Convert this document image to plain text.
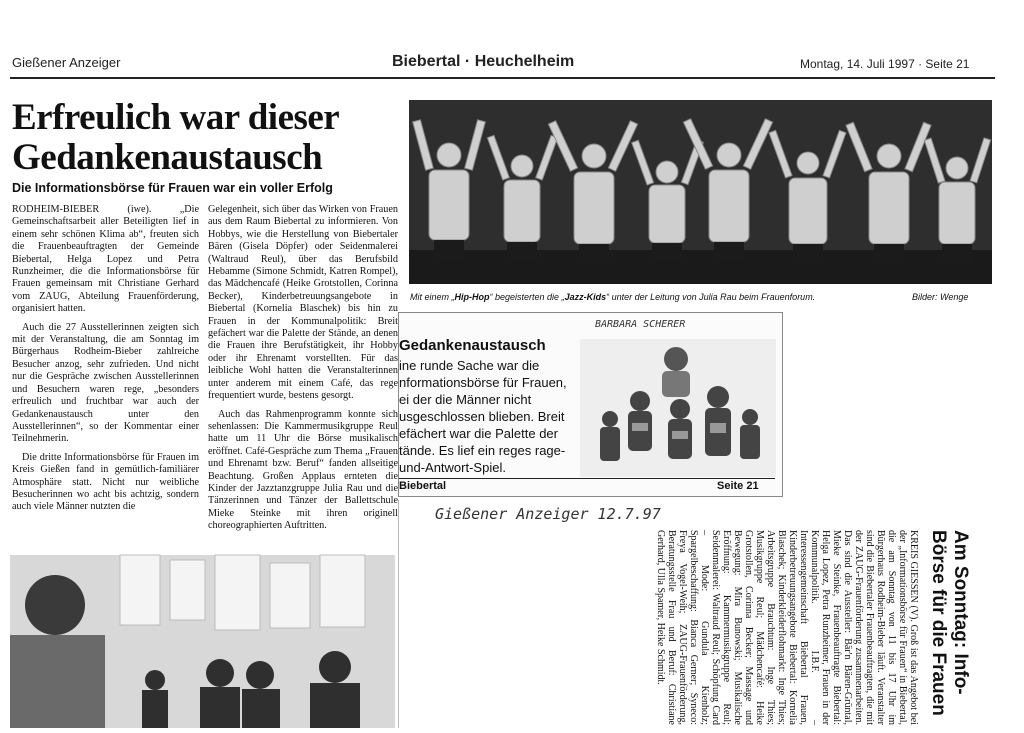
Gießener Anzeiger	Biebertal · Heuchelheim	Montag, 14. Juli 1997 · Seite 21
Erfreulich war dieser
Gedankenaustausch
Die Informationsbörse für Frauen war ein voller Erfolg

RODHEIM-BIEBER (iwe). „Die Gemeinschaftsarbeit aller Beteiligten lief in einem sehr schönen Klima ab“, freuten sich die Frauenbeauftragten der Gemeinde Biebertal, Helga Lopez und Petra Runzheimer, die die Informationsbörse für Frauen gemeinsam mit Christiane Gerhard vom ZAUG, Abteilung Frauenförderung, organisiert hatten.

Auch die 27 Ausstellerinnen zeigten sich mit der Veranstaltung, die am Sonntag im Bürgerhaus Rodheim-Bieber zahlreiche Besucher anzog, sehr zufrieden. Und nicht nur die Gespräche zwischen Ausstellerinnen und Besuchern waren rege, „besonders erfreulich und fruchtbar war auch der Gedankenaustausch unter den Ausstellerinnen“, so der Kommentar einer Teilnehmerin.

Die dritte Informationsbörse für Frauen im Kreis Gießen fand in gemütlich-familiärer Atmosphäre statt. Nicht nur weibliche Besucherinnen wo acht bis achtzig, sondern auch viele Männer nutzten die

Gelegenheit, sich über das Wirken von Frauen aus dem Raum Biebertal zu informieren. Von Hobbys, wie die Herstellung von Biebertaler Bären (Gisela Döpfer) oder Seidenmalerei (Waltraud Reul), über das Berufsbild Hebamme (Simone Schmidt, Katren Rompel), das Mädchencafé (Heike Grotstollen, Corinna Becker), Kinderbetreuungsangebote in Biebertal (Kornelia Blaschek) bis hin zu Frauen in der Kommunalpolitik: Breit gefächert war die Palette der Stände, an denen die Frauen ihre Berufstätigkeit, ihr Hobby oder ihr Ehrenamt vorstellten. Für das leibliche Wohl hatten die Veranstalterinnen unter anderem mit einem Café, das rege frequentiert wurde, bestens gesorgt.

Auch das Rahmenprogramm konnte sich sehenlassen: Die Kammermusikgruppe Reul hatte um 11 Uhr die Börse musikalisch eröffnet. Café-Gespräche zum Thema „Frauen und Ehrenamt bzw. Beruf“ fanden allseitige Beachtung. Großen Applaus ernteten die Kinder der Jazztanzgruppe Julia Rau und die Tänzerinnen und Tänzer der Ballettschule Mieke Steinke mit ihren originell choreographierten Auftritten.

Mit einem „Hip-Hop“ begeisterten die „Jazz-Kids“ unter der Leitung von Julia Rau beim Frauenforum.	Bilder: Wenge
BARBARA SCHERER
Gedankenaustausch
ine runde Sache war die nformationsbörse für Frauen, ei der die Männer nicht usgeschlossen blieben. Breit efächert war die Palette der tände. Es lief ein reges rage-und-Antwort-Spiel.
Biebertal	Seite 21
Gießener Anzeiger 12.7.97
KREIS GIESSEN (V). Groß ist das Angebot bei der „Informationsbörse für Frauen“ in Biebertal, die am Sonntag von 11 bis 17 Uhr im Bürgerhaus Rodheim-Bieber läuft. Veranstalter sind die Biebertaler Frauenbeauftragten, die mit der ZAUG-Frauenförderung zusammenarbeiten. Das sind die Aussteller: Bär'n Bären-Grüntal, Mieke Steinke, Frauenbeauftragte Biebertal: Helga Lopez, Petra Runzheimer, Frauen in der Kommunalpolitik. I.B.F. – Interessengemeinschaft Biebertal Frauen, Kinderbetreuungsangebote Biebertal: Kornelia Blaschek; Kinderkleiderflohmarkt: Inge Thies; Arbeitsgruppe Brauchtum: Inge Thies; Musikgruppe Reul; Mädchencafé: Heike Grotstollen, Corinna Becker; Massage und Bewegung: Mira Bunowski; Musikalische Eröffnung: Kammermusikgruppe Reul; Seidenmalerei: Waltraud Reul; Schöpfung Card – Mode: Gundula Kienholz; Spargelbeschaffung: Bianca Gerner; Syneco: Freya Vogel-Weih; ZAUG-Frauenförderung, Beratungsstelle Frau und Beruf: Christiane Gerhard, Ulla Spamer, Heike Schmidt.	Am Sonntag: Info-Börse für die Frauen
